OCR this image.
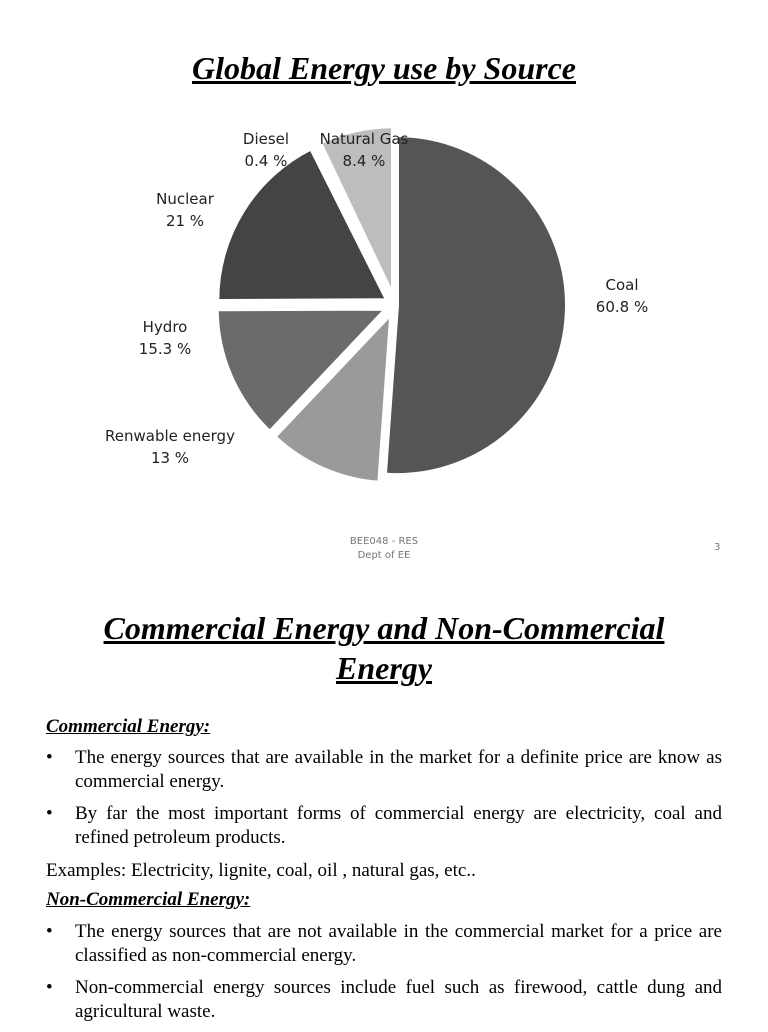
Global Energy use by Source
Coal
60.8 %
Renwable energy
13 %
Hydro
15.3 %
Nuclear
21 %
Diesel
0.4 %
Natural Gas
8.4 %
BEE048 - RES
Dept of EE
3
Commercial Energy and Non-Commercial Energy
Commercial Energy:
• The energy sources that are available in the market for a definite price are know as commercial energy.
• By far the most important forms of commercial energy are electricity, coal and refined petroleum products.
Examples: Electricity, lignite, coal, oil , natural gas, etc..
Non-Commercial Energy:
• The energy sources that are not available in the commercial market for a price are classified as non-commercial energy.
• Non-commercial energy sources include fuel such as firewood, cattle dung and agricultural waste.
